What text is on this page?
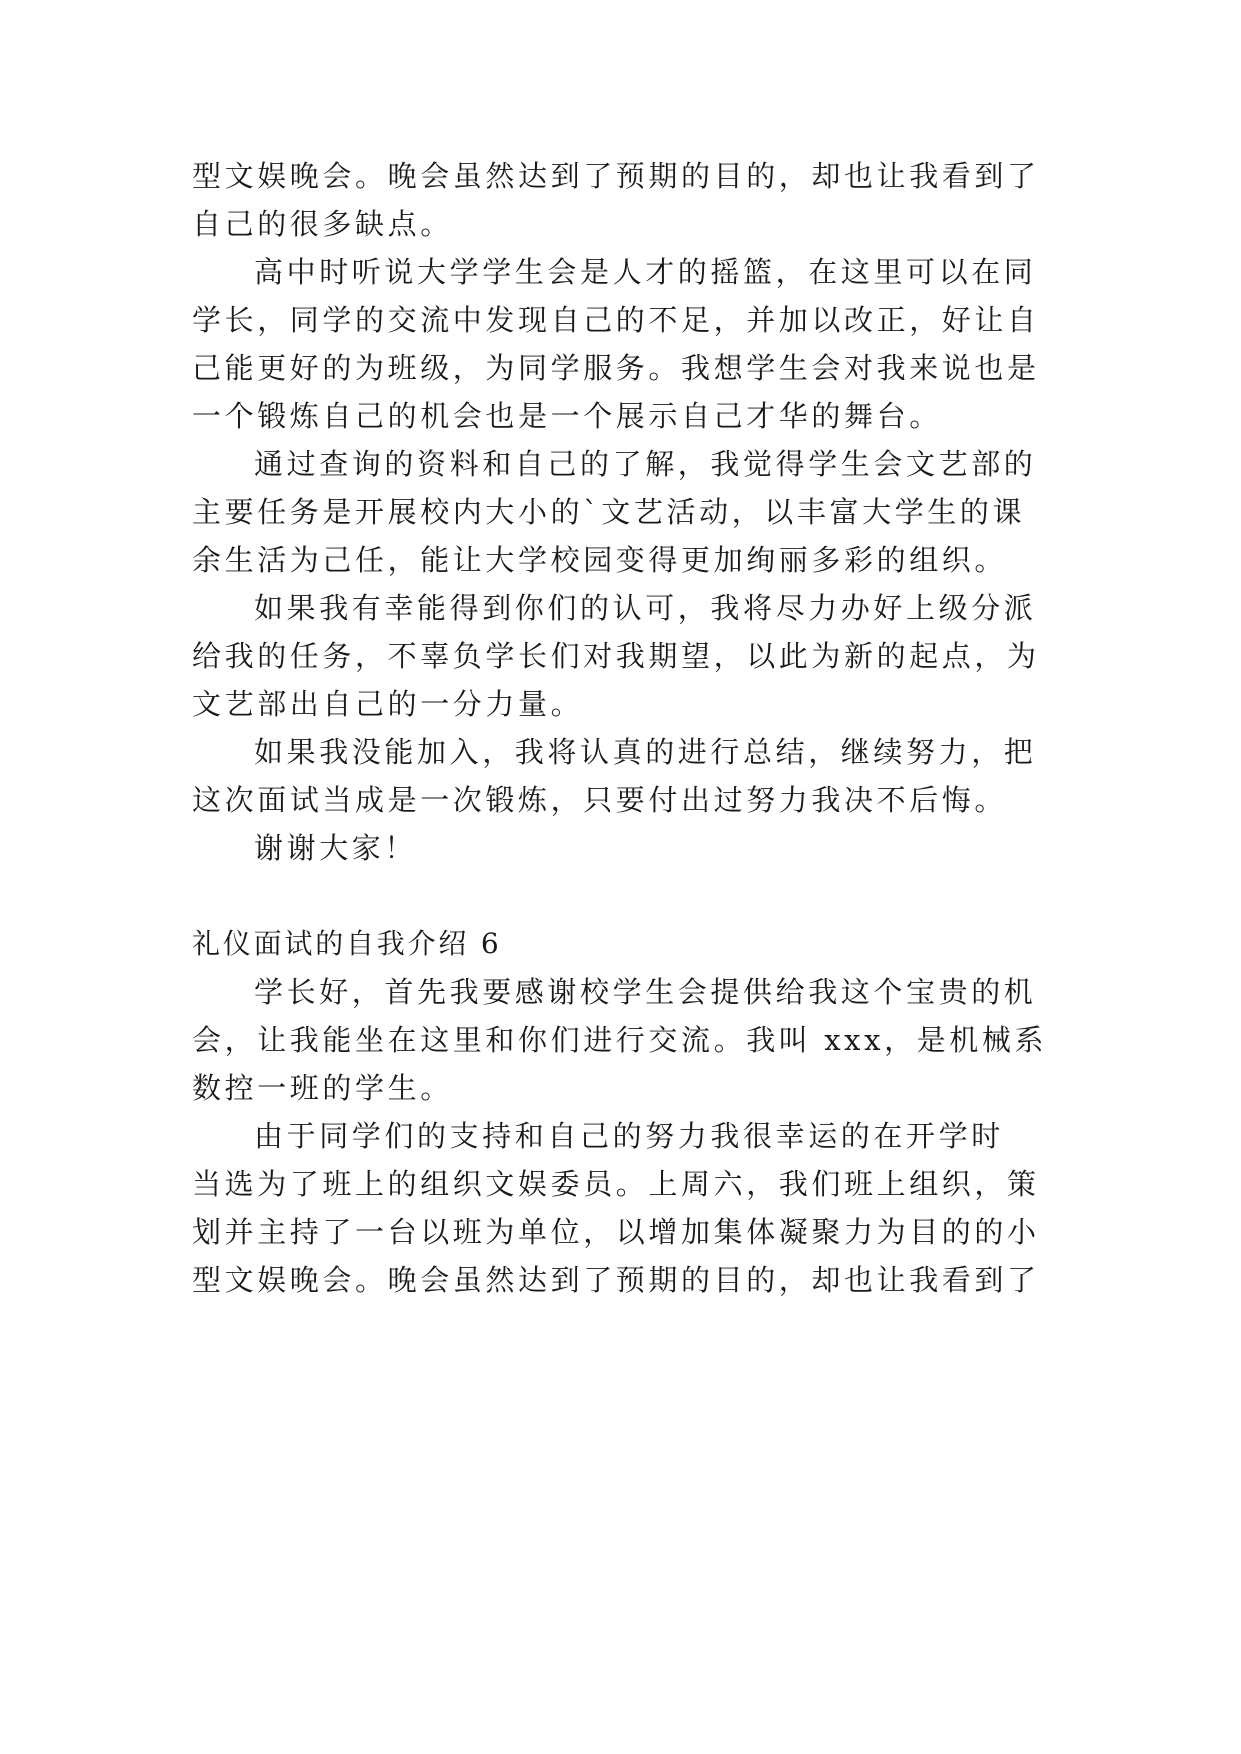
型文娱晚会。晚会虽然达到了预期的目的，却也让我看到了

自己的很多缺点。

高中时听说大学学生会是人才的摇篮，在这里可以在同

学长，同学的交流中发现自己的不足，并加以改正，好让自

己能更好的为班级，为同学服务。我想学生会对我来说也是

一个锻炼自己的机会也是一个展示自己才华的舞台。

通过查询的资料和自己的了解，我觉得学生会文艺部的

主要任务是开展校内大小的`文艺活动，以丰富大学生的课

余生活为己任，能让大学校园变得更加绚丽多彩的组织。

如果我有幸能得到你们的认可，我将尽力办好上级分派

给我的任务，不辜负学长们对我期望，以此为新的起点，为

文艺部出自己的一分力量。

如果我没能加入，我将认真的进行总结，继续努力，把

这次面试当成是一次锻炼，只要付出过努力我决不后悔。

谢谢大家！

礼仪面试的自我介绍 6

学长好，首先我要感谢校学生会提供给我这个宝贵的机

会，让我能坐在这里和你们进行交流。我叫 xxx，是机械系

数控一班的学生。

由于同学们的支持和自己的努力我很幸运的在开学时

当选为了班上的组织文娱委员。上周六，我们班上组织，策

划并主持了一台以班为单位，以增加集体凝聚力为目的的小

型文娱晚会。晚会虽然达到了预期的目的，却也让我看到了
